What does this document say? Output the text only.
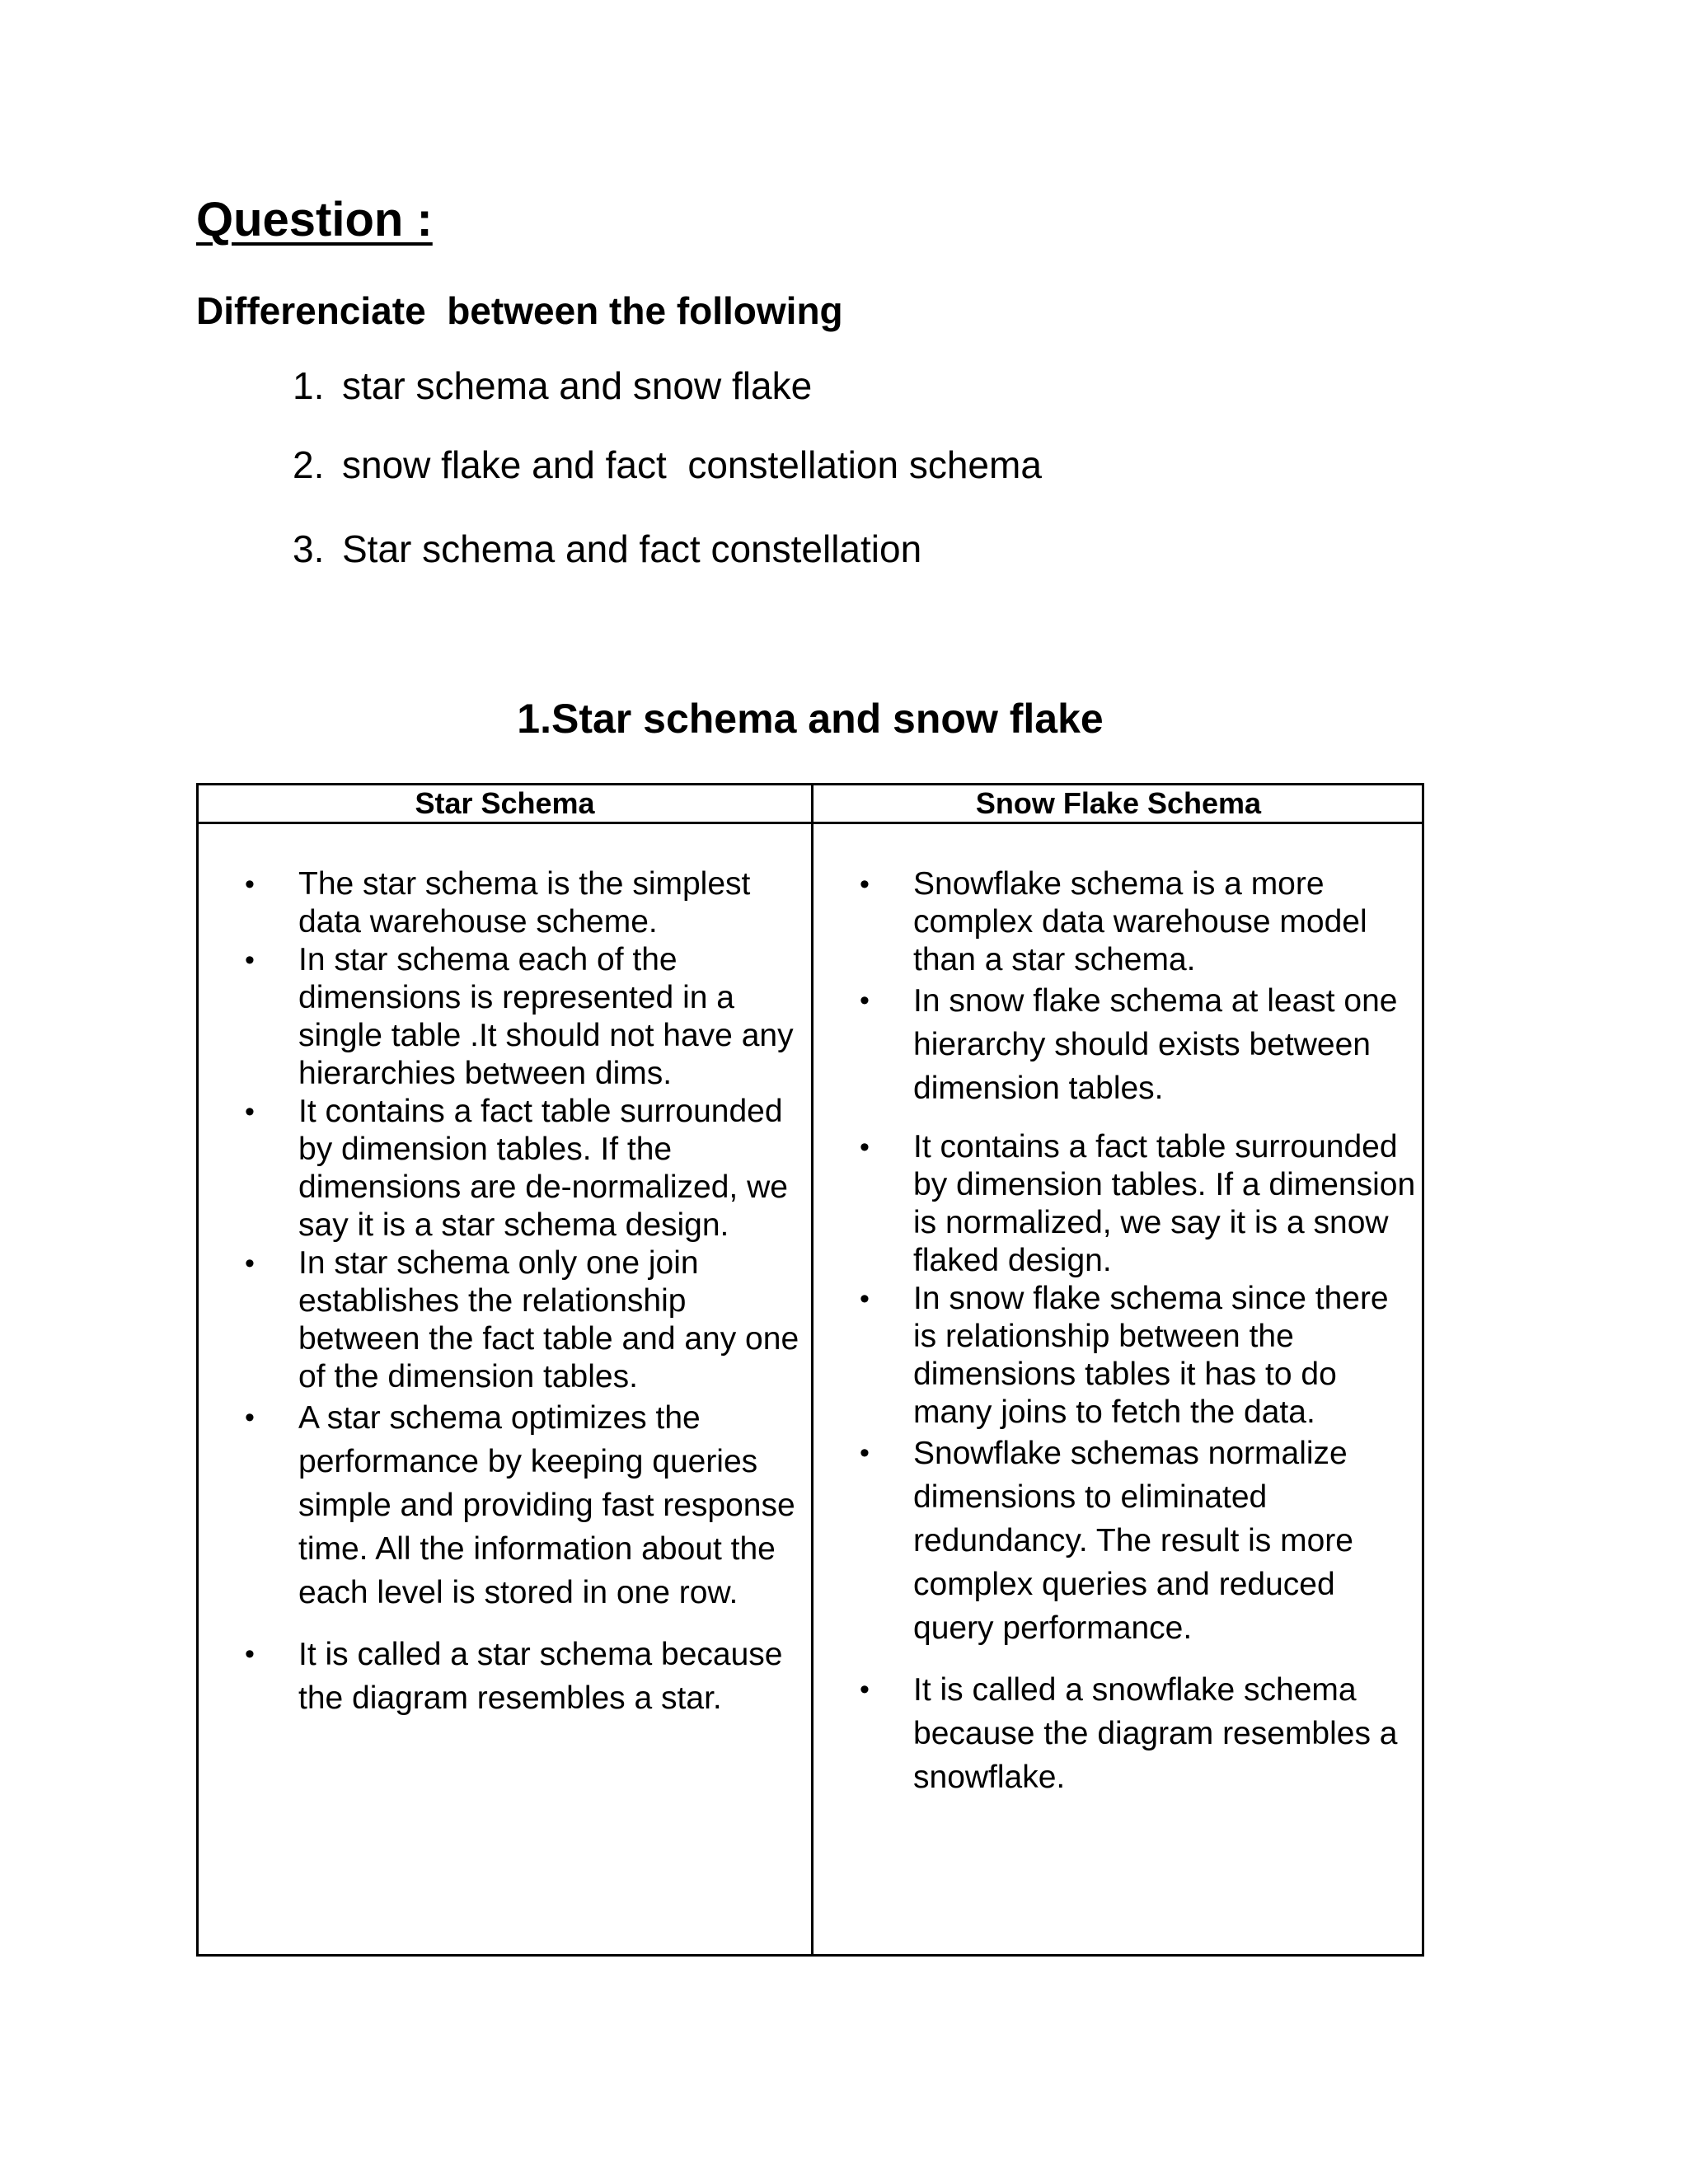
Question :
Differenciate  between the following
1. star schema and snow flake
2. snow flake and fact  constellation schema
3. Star schema and fact constellation
1.Star schema and snow flake
Star Schema	Snow Flake Schema
• The star schema is the simplest data warehouse scheme.
• In star schema each of the dimensions is represented in a single table .It should not have any hierarchies between dims.
• It contains a fact table surrounded by dimension tables. If the dimensions are de-normalized, we say it is a star schema design.
• In star schema only one join establishes the relationship between the fact table and any one of the dimension tables.
• A star schema optimizes the performance by keeping queries simple and providing fast response time. All the information about the each level is stored in one row.
• It is called a star schema because the diagram resembles a star.
• Snowflake schema is a more complex data warehouse model than a star schema.
• In snow flake schema at least one hierarchy should exists between dimension tables.
• It contains a fact table surrounded by dimension tables. If a dimension is normalized, we say it is a snow flaked design.
• In snow flake schema since there is relationship between the dimensions tables it has to do many joins to fetch the data.
• Snowflake schemas normalize dimensions to eliminated redundancy. The result is more complex queries and reduced query performance.
• It is called a snowflake schema because the diagram resembles a snowflake.
